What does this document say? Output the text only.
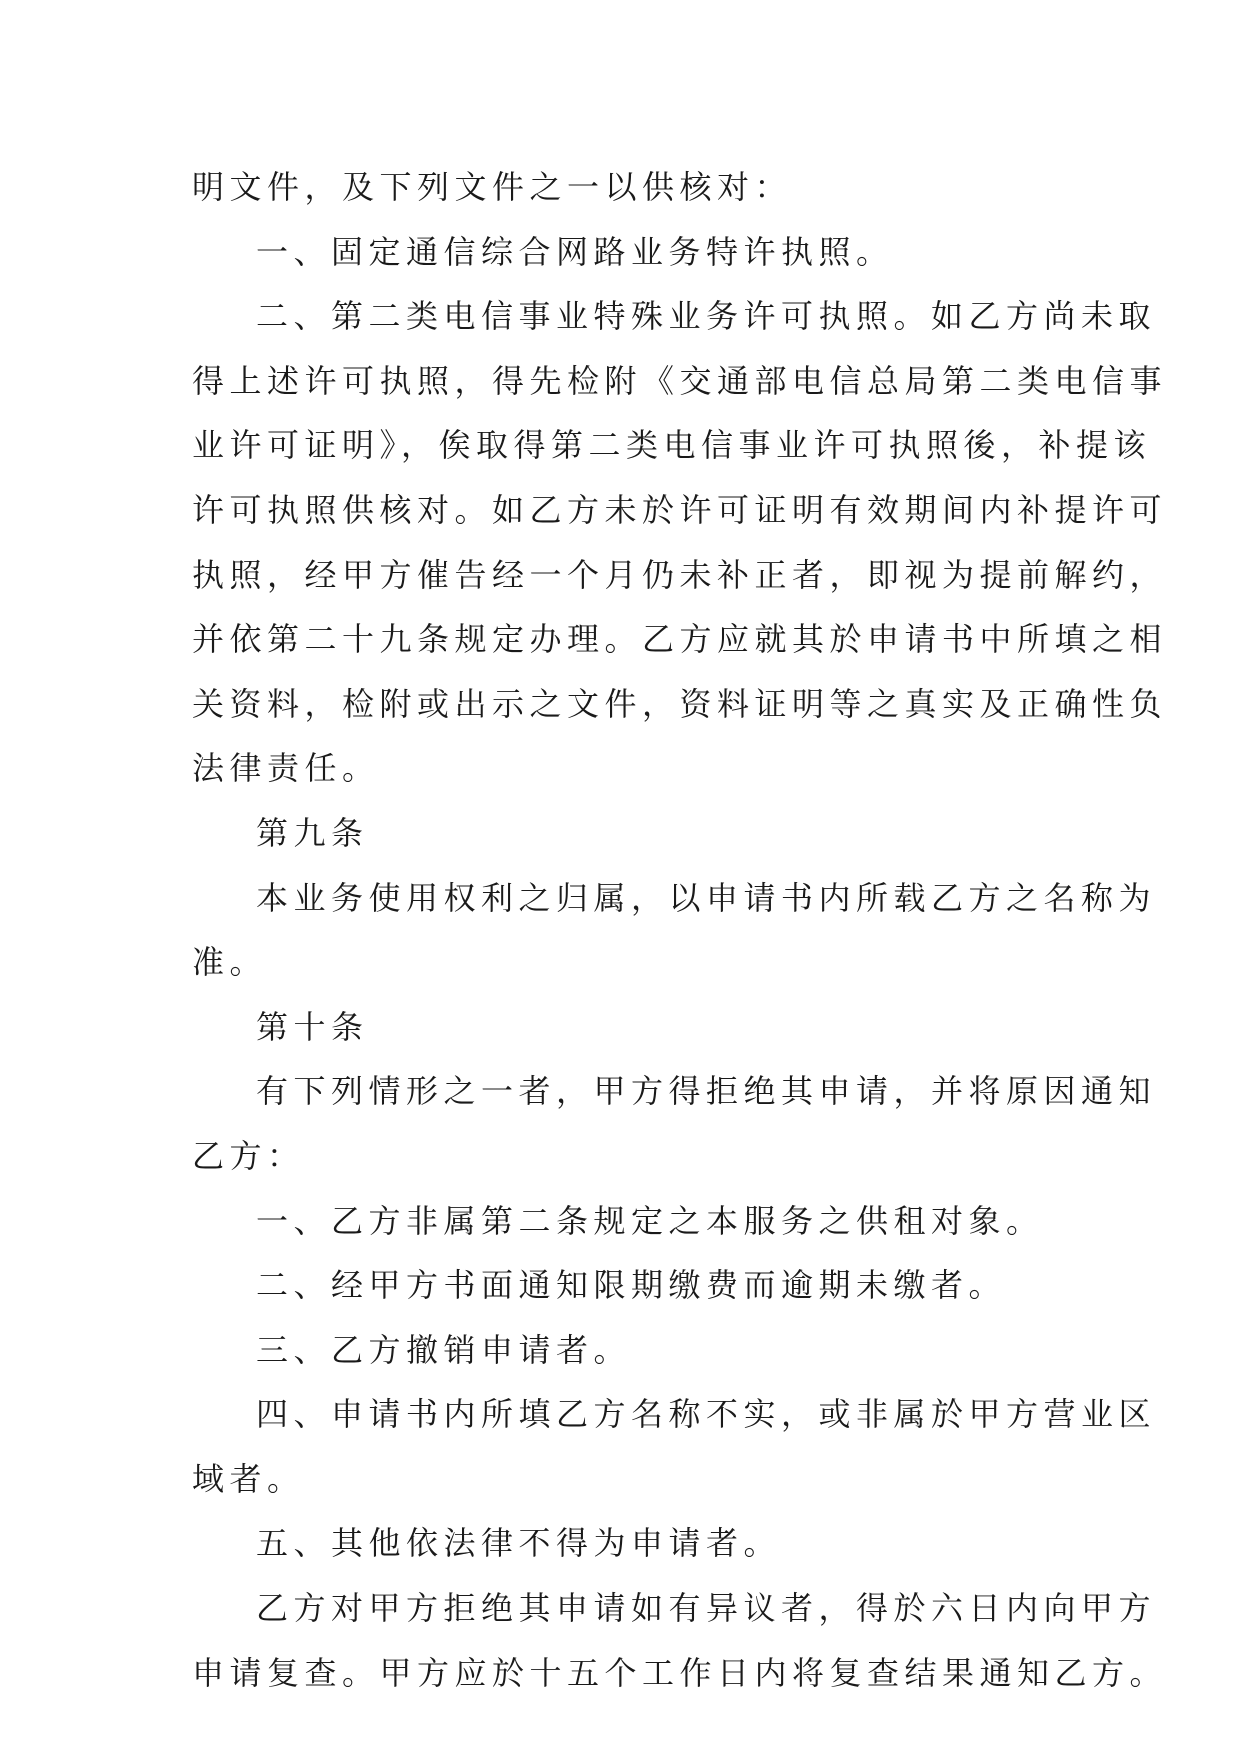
明文件，及下列文件之一以供核对：
一、固定通信综合网路业务特许执照。
二、第二类电信事业特殊业务许可执照。如乙方尚未取
得上述许可执照，得先检附《交通部电信总局第二类电信事
业许可证明》，俟取得第二类电信事业许可执照後，补提该
许可执照供核对。如乙方未於许可证明有效期间内补提许可
执照，经甲方催告经一个月仍未补正者，即视为提前解约，
并依第二十九条规定办理。乙方应就其於申请书中所填之相
关资料，检附或出示之文件，资料证明等之真实及正确性负
法律责任。
第九条
本业务使用权利之归属，以申请书内所载乙方之名称为
准。
第十条
有下列情形之一者，甲方得拒绝其申请，并将原因通知
乙方：
一、乙方非属第二条规定之本服务之供租对象。
二、经甲方书面通知限期缴费而逾期未缴者。
三、乙方撤销申请者。
四、申请书内所填乙方名称不实，或非属於甲方营业区
域者。
五、其他依法律不得为申请者。
乙方对甲方拒绝其申请如有异议者，得於六日内向甲方
申请复查。甲方应於十五个工作日内将复查结果通知乙方。
